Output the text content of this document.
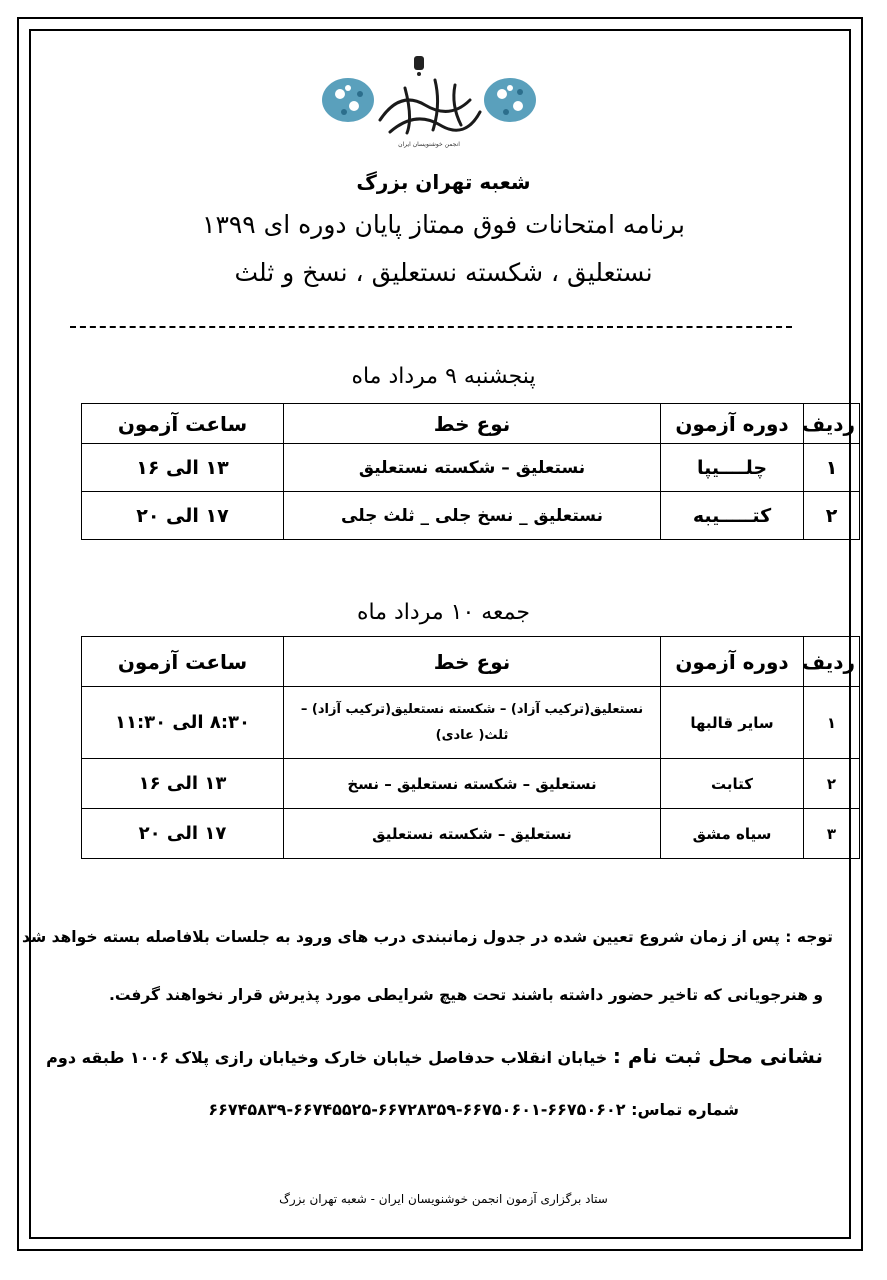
انجمن خوشنویسان ایران
شعبه تهران بزرگ
برنامه امتحانات فوق ممتاز پایان دوره ای ۱۳۹۹
نستعلیق ، شکسته نستعلیق ، نسخ و ثلث
پنجشنبه ۹ مرداد ماه
ردیف	دوره آزمون	نوع خط	ساعت آزمون
۱	چلــــیپا	نستعلیق – شکسته نستعلیق	۱۳ الی ۱۶
۲	کتـــــیبه	نستعلیق _ نسخ جلی _ ثلث جلی	۱۷ الی ۲۰
جمعه ۱۰ مرداد ماه
ردیف	دوره آزمون	نوع خط	ساعت آزمون
۱	سایر قالبها	نستعلیق(ترکیب آزاد) – شکسته نستعلیق(ترکیب آزاد) – ثلث( عادی)	۸:۳۰ الی ۱۱:۳۰
۲	کتابت	نستعلیق – شکسته نستعلیق – نسخ	۱۳ الی ۱۶
۳	سیاه مشق	نستعلیق – شکسته نستعلیق	۱۷ الی ۲۰
توجه : پس از زمان شروع تعیین شده در جدول زمانبندی درب های ورود به جلسات بلافاصله بسته خواهد شد
و هنرجویانی که تاخیر حضور داشته باشند تحت هیچ شرایطی مورد پذیرش قرار نخواهند گرفت.
نشانی محل ثبت نام : خیابان انقلاب حدفاصل خیابان خارک وخیابان رازی پلاک ۱۰۰۶ طبقه دوم
شماره تماس: ۶۶۷۵۰۶۰۲-۶۶۷۵۰۶۰۱-۶۶۷۲۸۳۵۹-۶۶۷۴۵۵۲۵-۶۶۷۴۵۸۳۹
ستاد برگزاری آزمون انجمن خوشنویسان ایران - شعبه تهران بزرگ
